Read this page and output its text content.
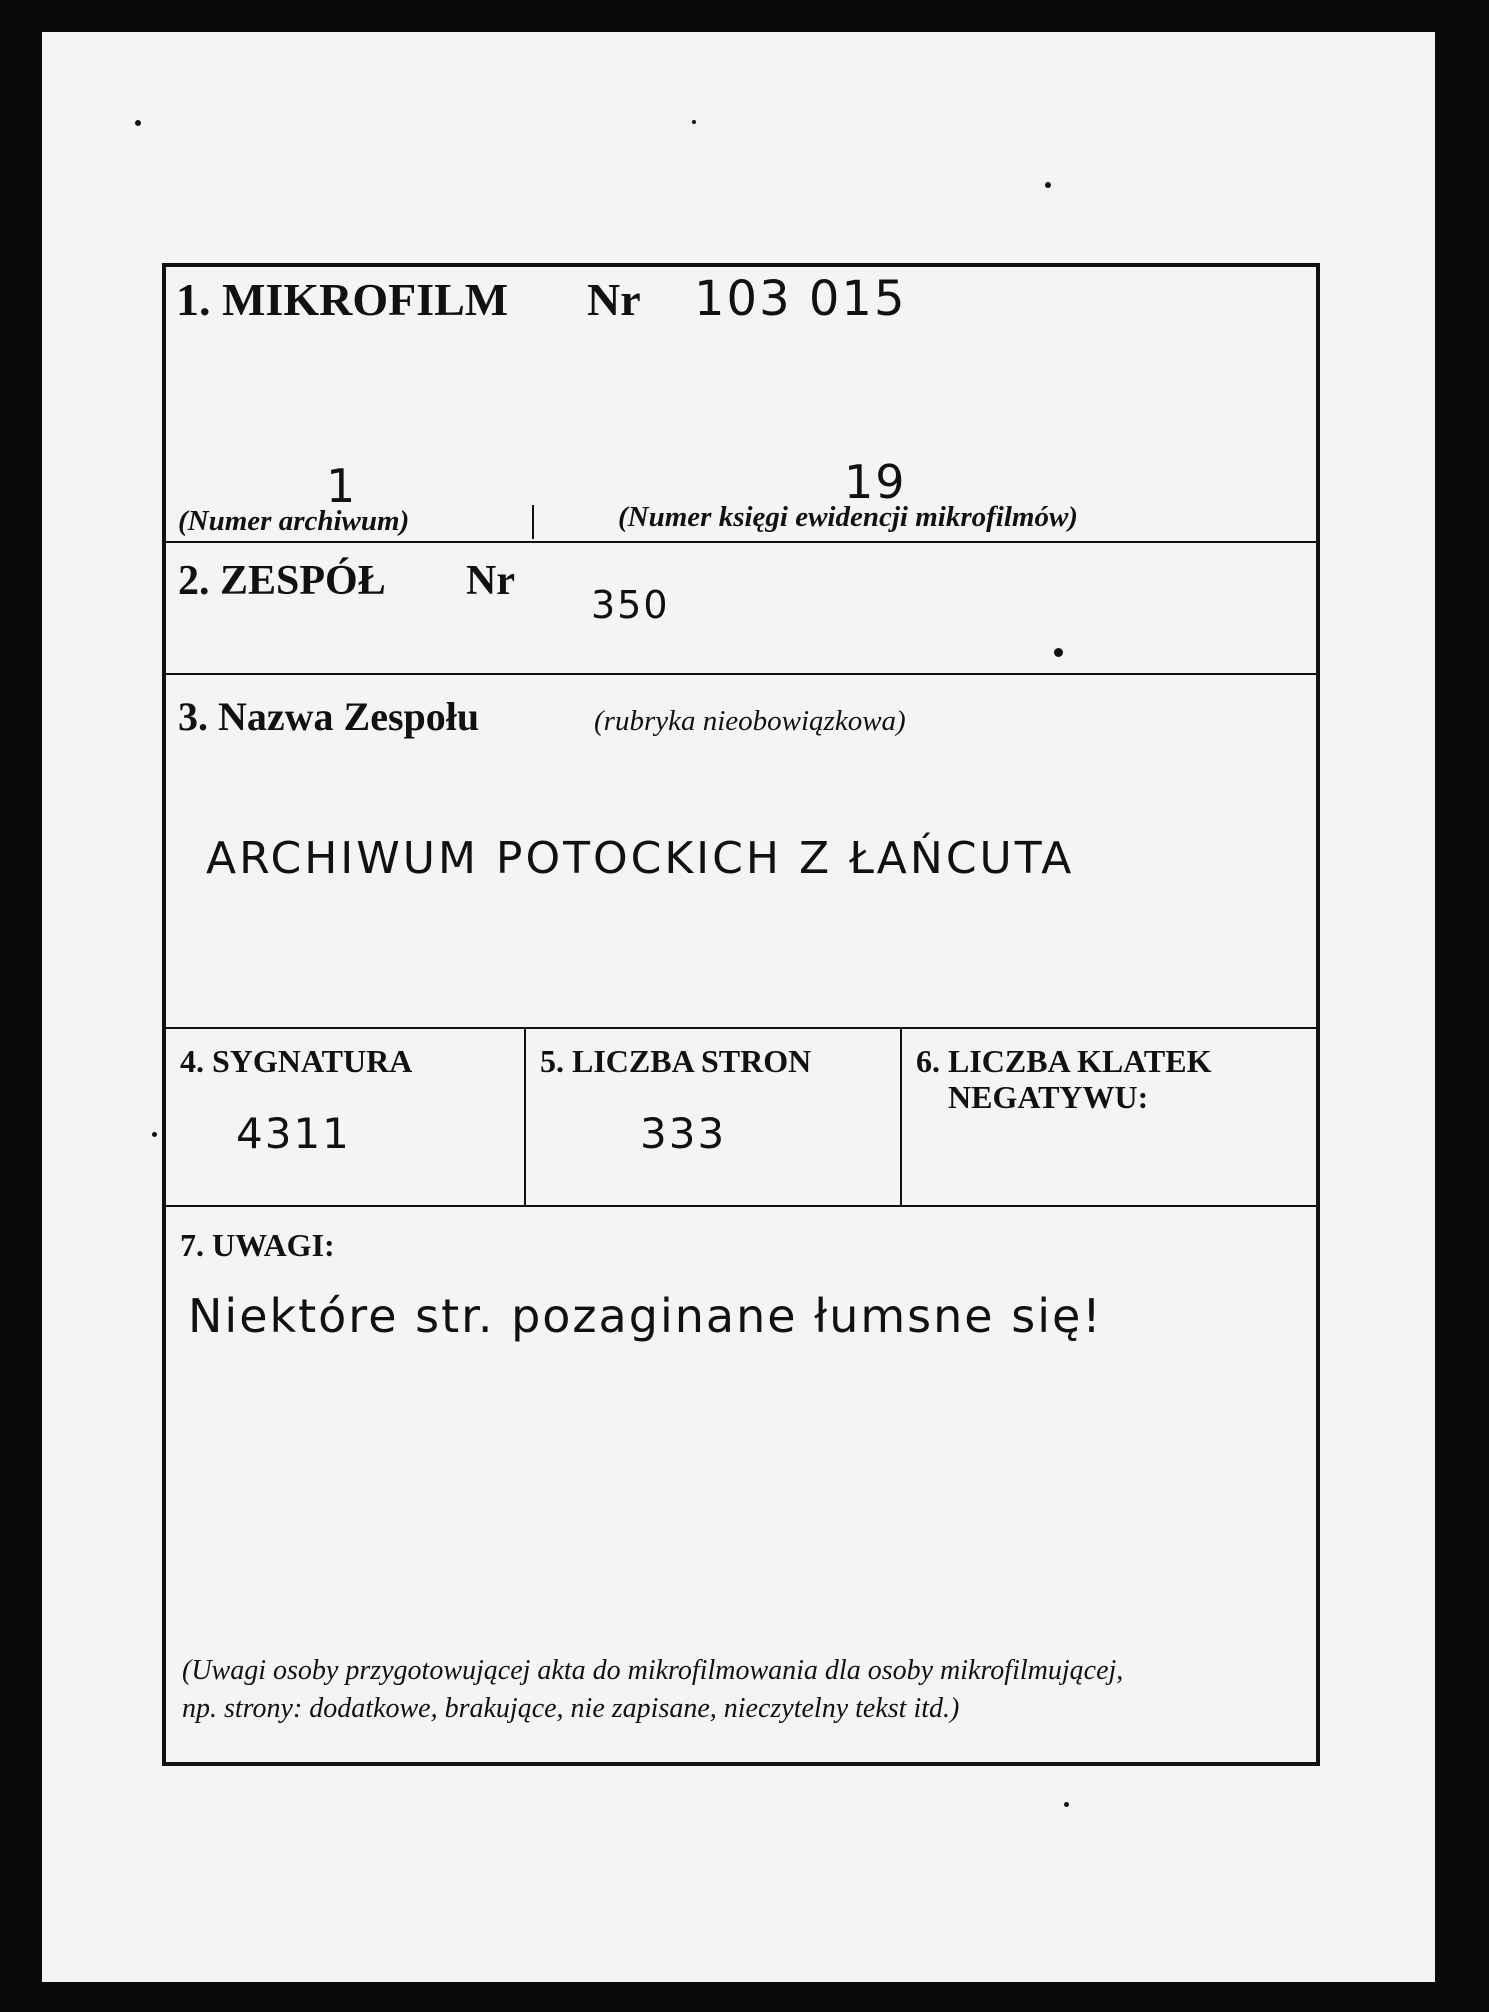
1. MIKROFILM Nr 103 015
1	19
(Numer archiwum)	(Numer księgi ewidencji mikrofilmów)
2. ZESPÓŁ Nr
350
3. Nazwa Zespołu	(rubryka nieobowiązkowa)
ARCHIWUM POTOCKICH Z ŁAŃCUTA
4. SYGNATURA
4311
5. LICZBA STRON
333
6. LICZBA KLATEK
NEGATYWU:
7. UWAGI:
Niektóre str. pozaginane łumsne się!
(Uwagi osoby przygotowującej akta do mikrofilmowania dla osoby mikrofilmującej,
np. strony: dodatkowe, brakujące, nie zapisane, nieczytelny tekst itd.)
